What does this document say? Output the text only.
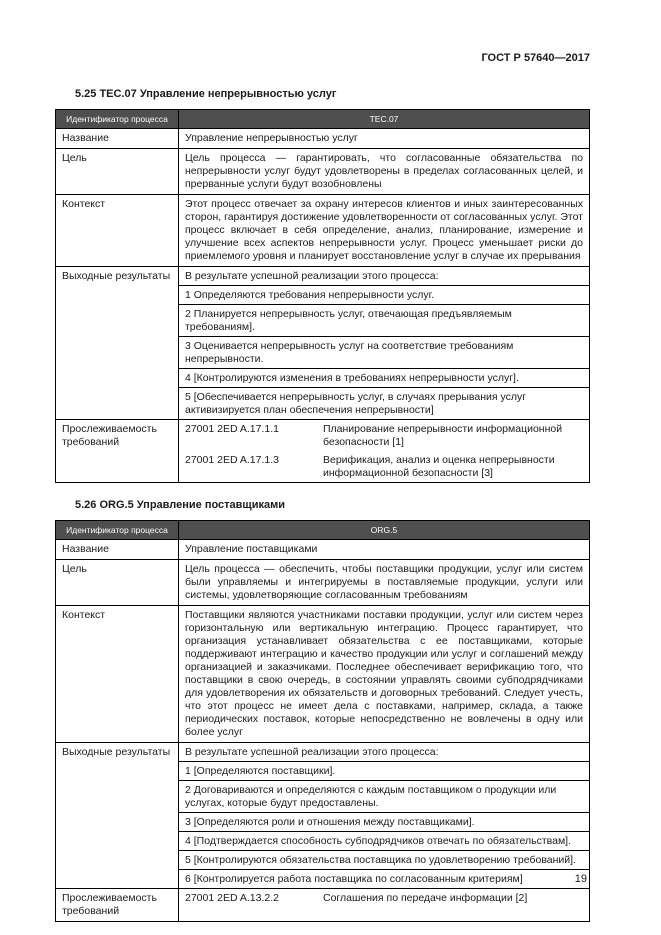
ГОСТ Р 57640—2017
5.25 TEC.07 Управление непрерывностью услуг
Идентификатор процесса	TEC.07
Название	Управление непрерывностью услуг
Цель	Цель процесса — гарантировать, что согласованные обязательства по непрерывности услуг будут удовлетворены в пределах согласованных целей, и прерванные услуги будут возобновлены
Контекст	Этот процесс отвечает за охрану интересов клиентов и иных заинтересованных сторон, гарантируя достижение удовлетворенности от согласованных услуг. Этот процесс включает в себя определение, анализ, планирование, измерение и улучшение всех аспектов непрерывности услуг. Процесс уменьшает риски до приемлемого уровня и планирует восстановление услуг в случае их прерывания
Выходные результаты	В результате успешной реализации этого процесса:
1 Определяются требования непрерывности услуг.
2 Планируется непрерывность услуг, отвечающая предъявляемым требованиям].
3 Оценивается непрерывность услуг на соответствие требованиям непрерывности.
4 [Контролируются изменения в требованиях непрерывности услуг].
5 [Обеспечивается непрерывность услуг, в случаях прерывания услуг активизируется план обеспечения непрерывности]

Прослеживаемость требований	27001 2ED A.17.1.1 Планирование непрерывности информационной безопасности [1]
27001 2ED A.17.1.3 Верификация, анализ и оценка непрерывности информационной безопасности [3]
5.26 ORG.5 Управление поставщиками
Идентификатор процесса	ORG.5
Название	Управление поставщиками
Цель	Цель процесса — обеспечить, чтобы поставщики продукции, услуг или систем были управляемы и интегрируемы в поставляемые продукции, услуги или системы, удовлетворяющие согласованным требованиям
Контекст	Поставщики являются участниками поставки продукции, услуг или систем через горизонтальную или вертикальную интеграцию. Процесс гарантирует, что организация устанавливает обязательства с ее поставщиками, которые поддерживают интеграцию и качество продукции или услуг и соглашений между организацией и заказчиками. Последнее обеспечивает верификацию того, что поставщики в свою очередь, в состоянии управлять своими субподрядчиками для удовлетворения их обязательств и договорных требований. Следует учесть, что этот процесс не имеет дела с поставками, например, склада, а также периодических поставок, которые непосредственно не вовлечены в одну или более услуг
Выходные результаты	В результате успешной реализации этого процесса:
1 [Определяются поставщики].
2 Договариваются и определяются с каждым поставщиком о продукции или услугах, которые будут предоставлены.
3 [Определяются роли и отношения между поставщиками].
4 [Подтверждается способность субподрядчиков отвечать по обязательствам].
5 [Контролируются обязательства поставщика по удовлетворению требований].
6 [Контролируется работа поставщика по согласованным критериям]

Прослеживаемость требований	27001 2ED A.13.2.2 Соглашения по передаче информации [2]
19
